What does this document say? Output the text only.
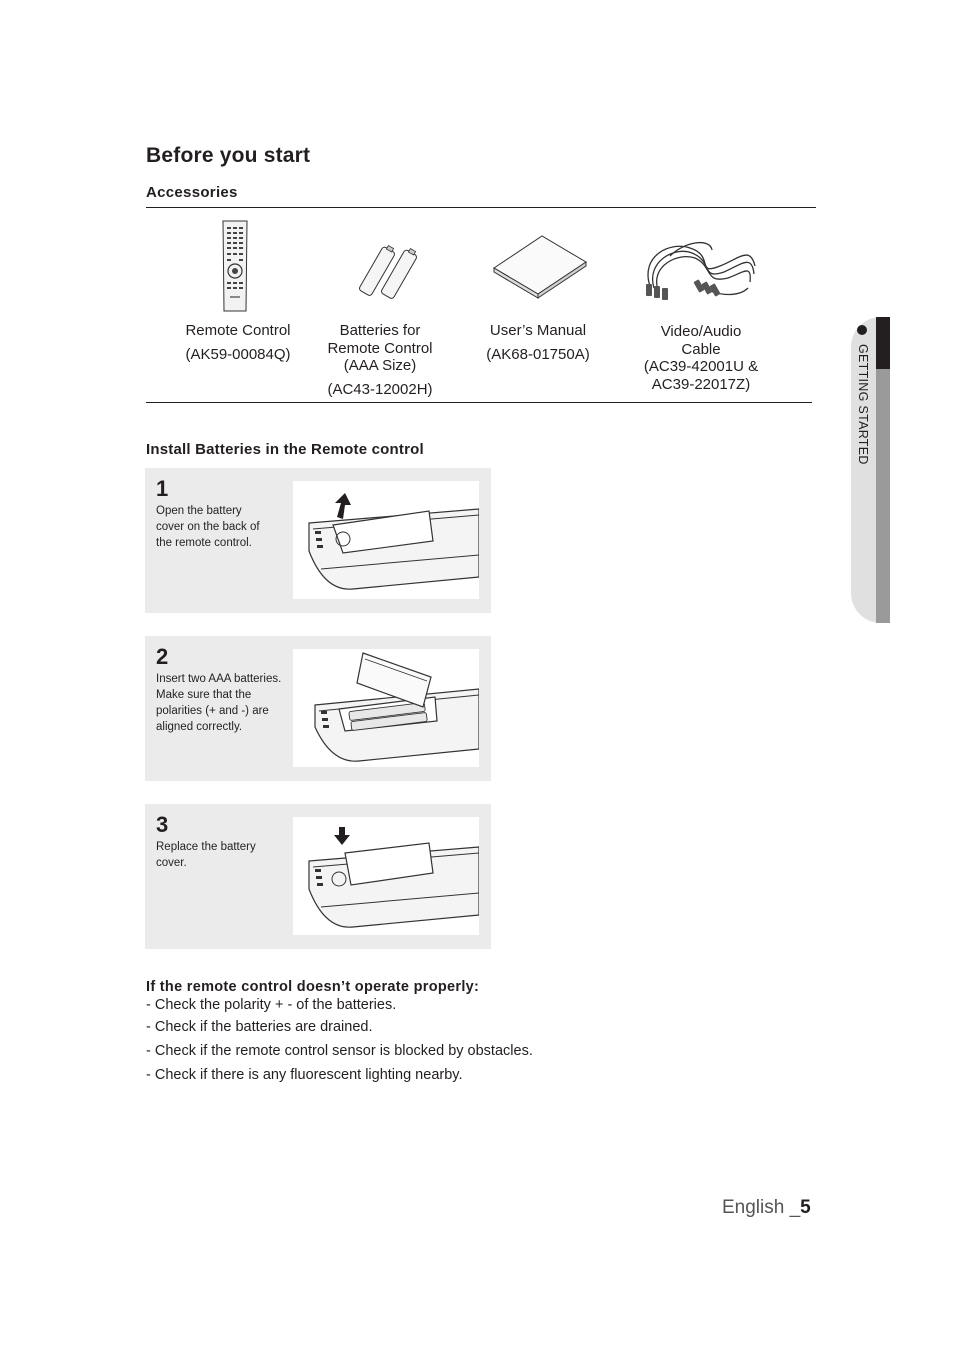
Before you start
Accessories
Remote Control
(AK59-00084Q)
Batteries for
Remote Control
(AAA Size)
(AC43-12002H)
User’s Manual
(AK68-01750A)
Video/Audio
Cable
(AC39-42001U &
AC39-22017Z)
Install Batteries in the Remote control
1
Open the battery
cover on the back of
the remote control.
2
Insert two AAA batteries.
Make sure that the
polarities (+ and -) are
aligned correctly.
3
Replace the battery
cover.
If the remote control doesn’t operate properly:
- Check the polarity + - of the batteries.
- Check if the batteries are drained.
- Check if the remote control sensor is blocked by obstacles.
- Check if there is any fluorescent lighting nearby.
GETTING STARTED
English _5
